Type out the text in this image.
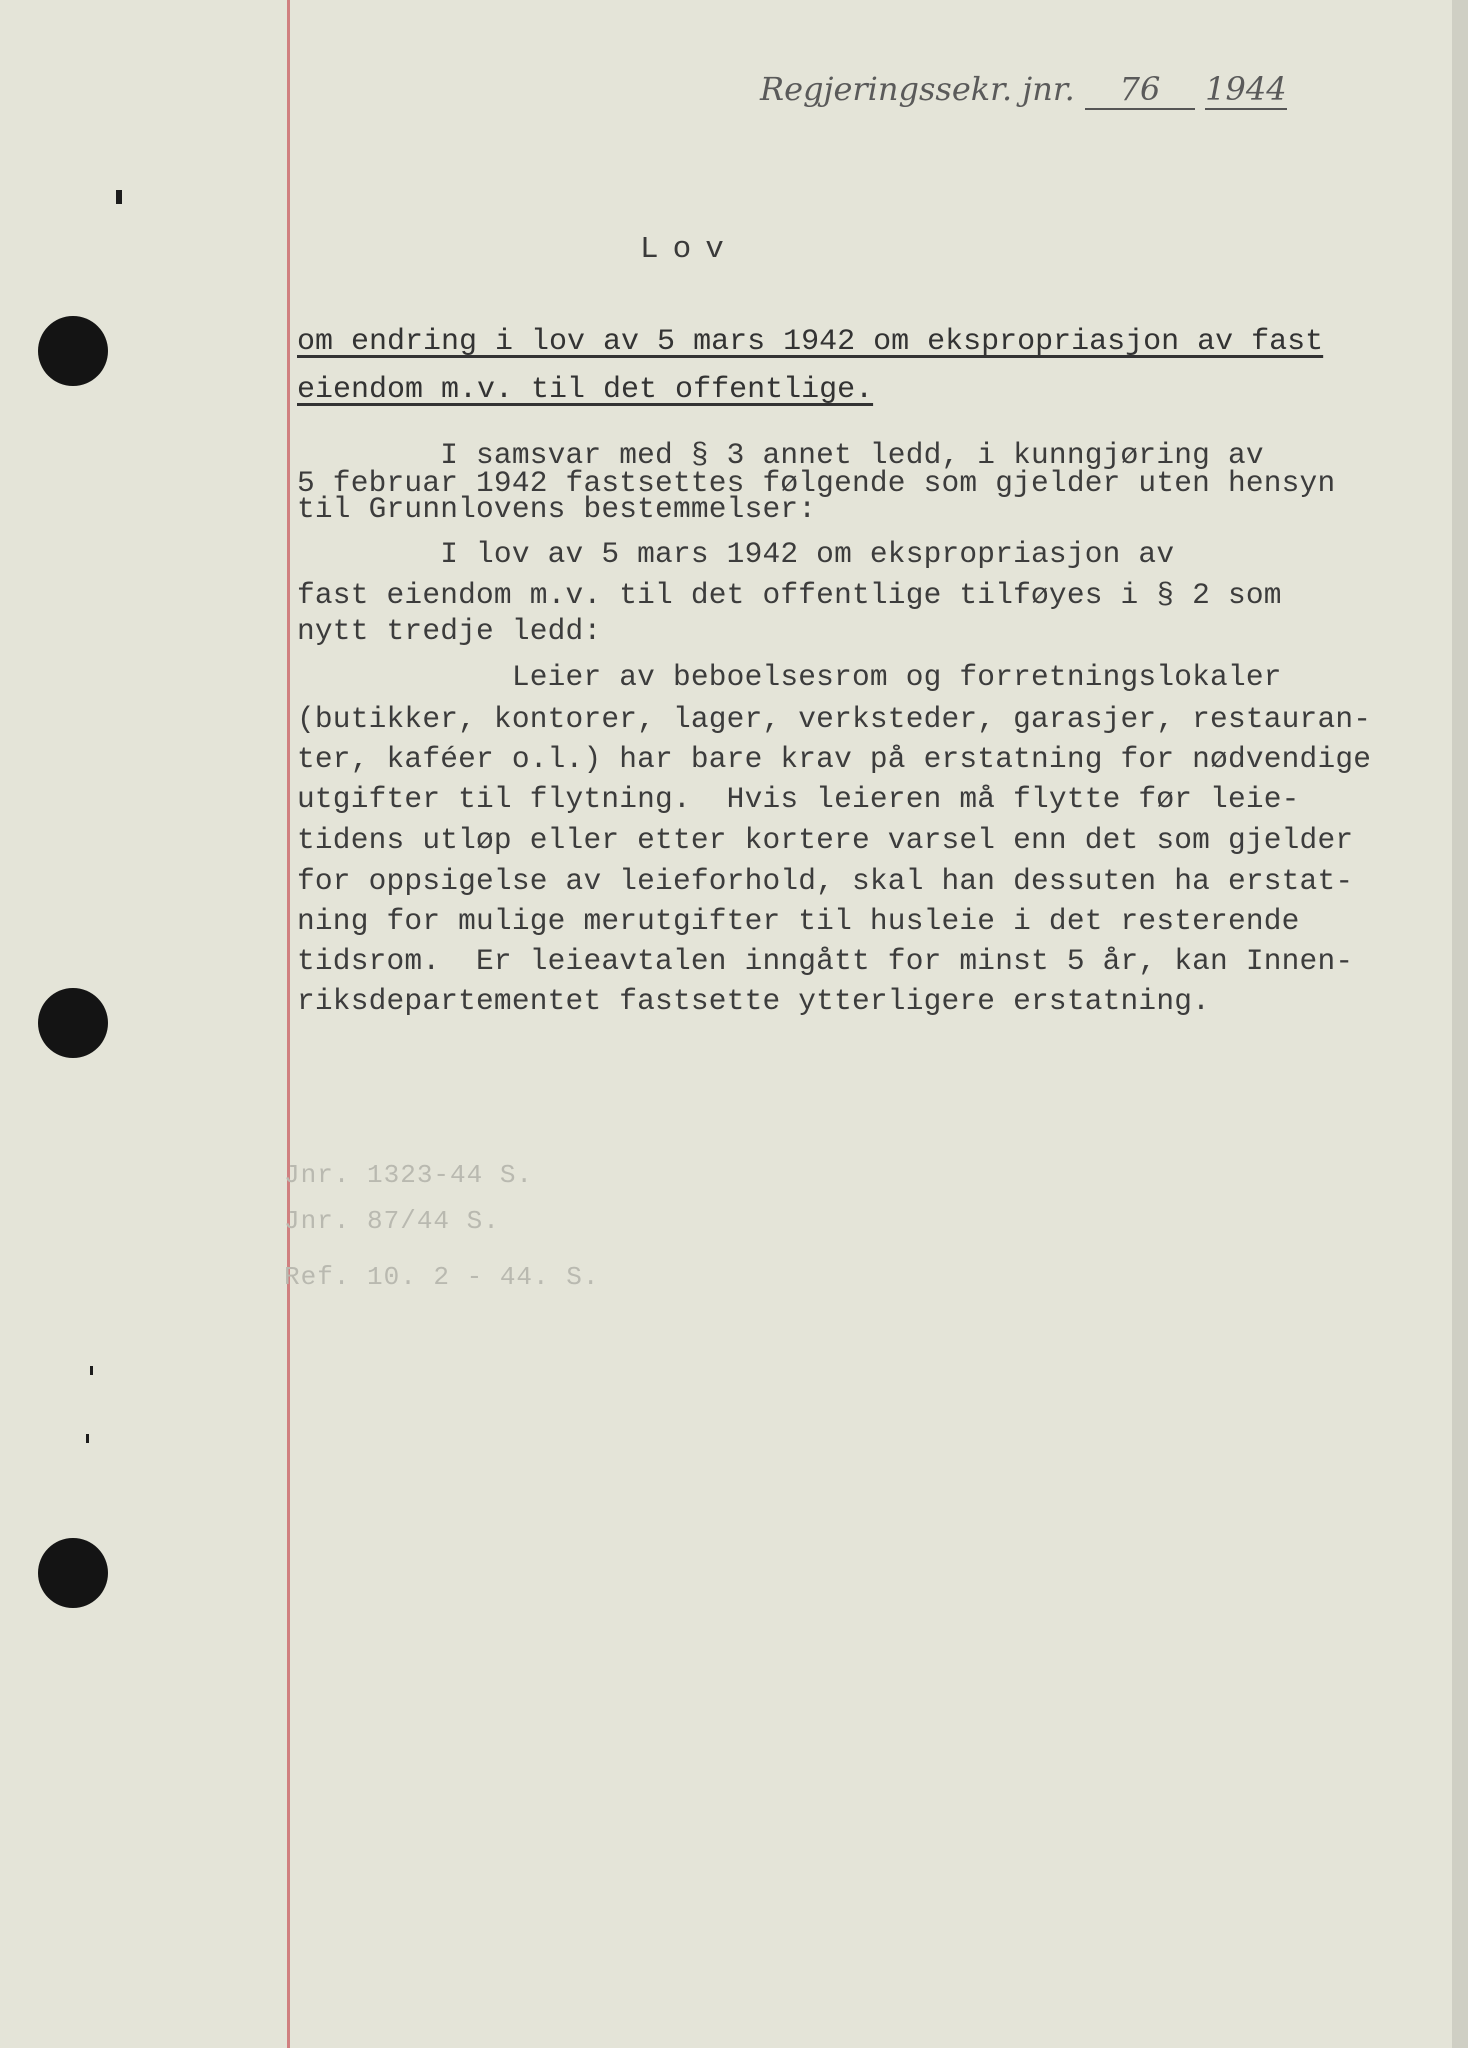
Regjeringssekr. jnr. 76 1944
Lov
om endring i lov av 5 mars 1942 om ekspropriasjon av fast
eiendom m.v. til det offentlige.
I samsvar med § 3 annet ledd, i kunngjøring av
5 februar 1942 fastsettes følgende som gjelder uten hensyn
til Grunnlovens bestemmelser:
I lov av 5 mars 1942 om ekspropriasjon av
fast eiendom m.v. til det offentlige tilføyes i § 2 som
nytt tredje ledd:
Leier av beboelsesrom og forretningslokaler
(butikker, kontorer, lager, verksteder, garasjer, restauran-
ter, kaféer o.l.) har bare krav på erstatning for nødvendige
utgifter til flytning.  Hvis leieren må flytte før leie-
tidens utløp eller etter kortere varsel enn det som gjelder
for oppsigelse av leieforhold, skal han dessuten ha erstat-
ning for mulige merutgifter til husleie i det resterende
tidsrom.  Er leieavtalen inngått for minst 5 år, kan Innen-
riksdepartementet fastsette ytterligere erstatning.
Jnr. 1323-44 S.
Jnr. 87/44 S.
Ref. 10. 2 - 44. S.
